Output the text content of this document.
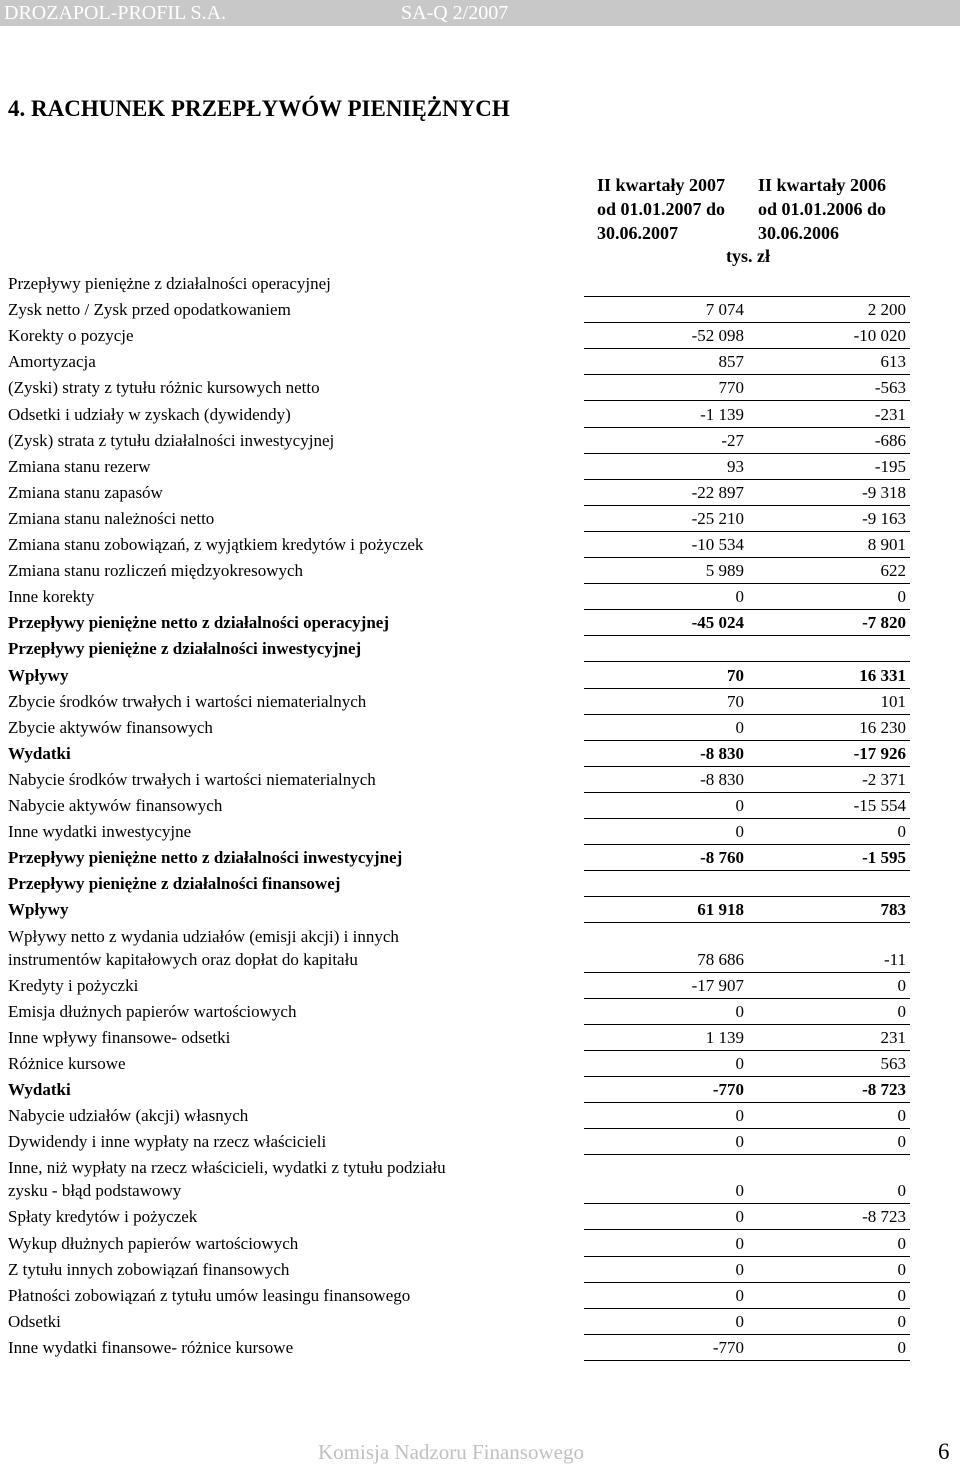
DROZAPOL-PROFIL S.A.	SA-Q 2/2007
4. RACHUNEK PRZEPŁYWÓW PIENIĘŻNYCH
II kwartały 2007
od 01.01.2007 do
30.06.2007
II kwartały 2006
od 01.01.2006 do
30.06.2006
tys. zł
Przepływy pieniężne z działalności operacyjnej
Zysk netto / Zysk przed opodatkowaniem	7 074	2 200
Korekty o pozycje	-52 098	-10 020
Amortyzacja	857	613
(Zyski) straty z tytułu różnic kursowych netto	770	-563
Odsetki i udziały w zyskach (dywidendy)	-1 139	-231
(Zysk) strata z tytułu działalności inwestycyjnej	-27	-686
Zmiana stanu rezerw	93	-195
Zmiana stanu zapasów	-22 897	-9 318
Zmiana stanu należności netto	-25 210	-9 163
Zmiana stanu zobowiązań, z wyjątkiem kredytów i pożyczek	-10 534	8 901
Zmiana stanu rozliczeń międzyokresowych	5 989	622
Inne korekty	0	0
Przepływy pieniężne netto z działalności operacyjnej	-45 024	-7 820
Przepływy pieniężne z działalności inwestycyjnej
Wpływy	70	16 331
Zbycie środków trwałych i wartości niematerialnych	70	101
Zbycie aktywów finansowych	0	16 230
Wydatki	-8 830	-17 926
Nabycie środków trwałych i wartości niematerialnych	-8 830	-2 371
Nabycie aktywów finansowych	0	-15 554
Inne wydatki inwestycyjne	0	0
Przepływy pieniężne netto z działalności inwestycyjnej	-8 760	-1 595
Przepływy pieniężne z działalności finansowej
Wpływy	61 918	783
Wpływy netto z wydania udziałów (emisji akcji) i innych
instrumentów kapitałowych oraz dopłat do kapitału	78 686	-11
Kredyty i pożyczki	-17 907	0
Emisja dłużnych papierów wartościowych	0	0
Inne wpływy finansowe- odsetki	1 139	231
Różnice kursowe	0	563
Wydatki	-770	-8 723
Nabycie udziałów (akcji) własnych	0	0
Dywidendy i inne wypłaty na rzecz właścicieli	0	0
Inne, niż wypłaty na rzecz właścicieli, wydatki z tytułu podziału
zysku - błąd podstawowy	0	0
Spłaty kredytów i pożyczek	0	-8 723
Wykup dłużnych papierów wartościowych	0	0
Z tytułu innych zobowiązań finansowych	0	0
Płatności zobowiązań z tytułu umów leasingu finansowego	0	0
Odsetki	0	0
Inne wydatki finansowe- różnice kursowe	-770	0
Komisja Nadzoru Finansowego	6
